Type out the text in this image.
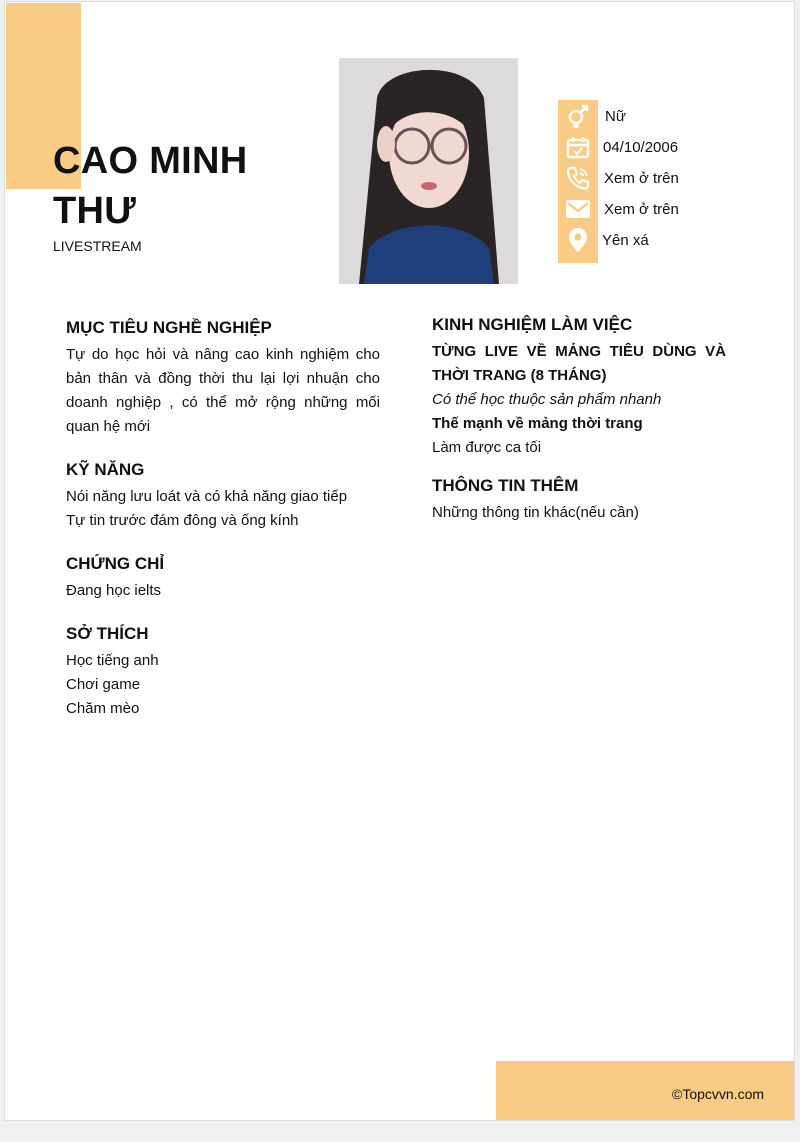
CAO MINH THƯ
LIVESTREAM
Nữ
04/10/2006
Xem ở trên
Xem ở trên
Yên xá
MỤC TIÊU NGHỀ NGHIỆP

Tự do học hỏi và nâng cao kinh nghiệm cho bản thân và đồng thời thu lại lợi nhuận cho doanh nghiệp , có thể mở rộng những mối quan hệ mới

KỸ NĂNG
Nói năng lưu loát và có khả năng giao tiếp
Tự tin trước đám đông và ống kính
CHỨNG CHỈ
Đang học ielts
SỞ THÍCH
Học tiếng anh
Chơi game
Chăm mèo
KINH NGHIỆM LÀM VIỆC

TỪNG LIVE VỀ MẢNG TIÊU DÙNG VÀ THỜI TRANG (8 THÁNG)

Có thể học thuộc sản phẩm nhanh
Thế mạnh về mảng thời trang
Làm được ca tối
THÔNG TIN THÊM
Những thông tin khác(nếu cần)
©Topcvvn.com
